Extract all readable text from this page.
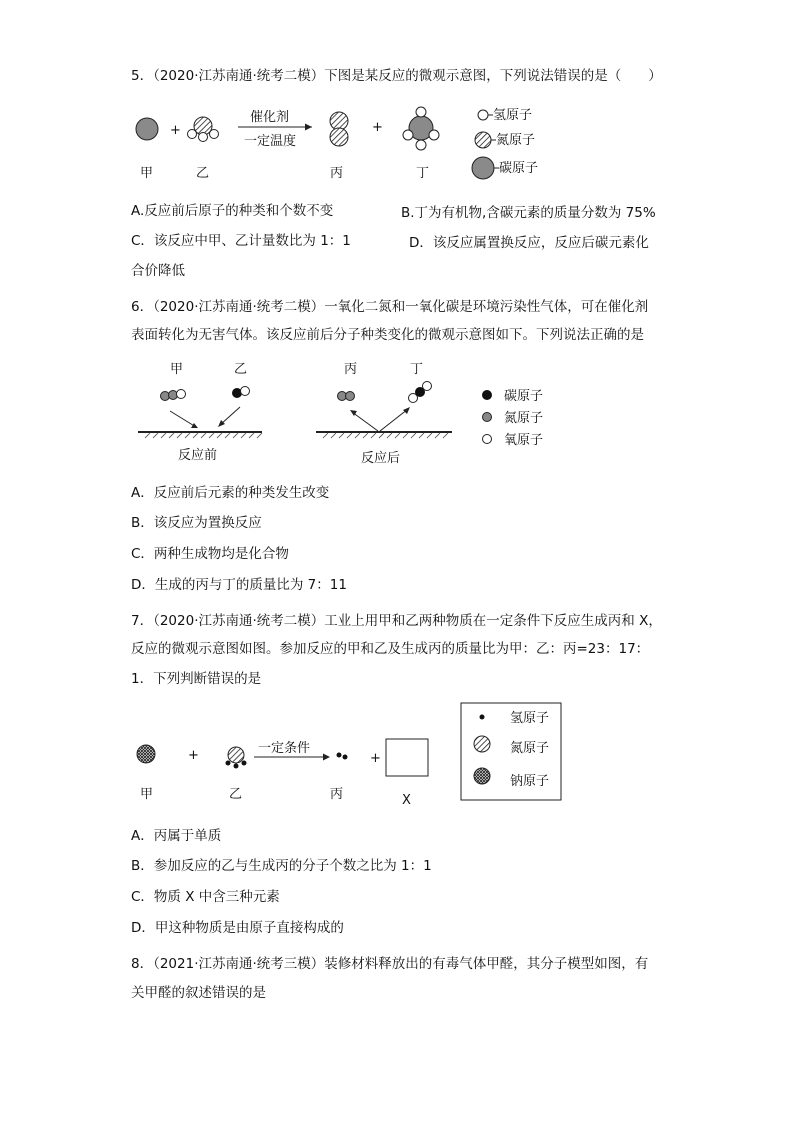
5．（2020·江苏南通·统考二模）下图是某反应的微观示意图，下列说法错误的是（　　）
+
催化剂
一定温度
+
甲	乙	丙	丁
氢原子
氮原子
碳原子
A.反应前后原子的种类和个数不变	B.丁为有机物,含碳元素的质量分数为 75%
C．该反应中甲、乙计量数比为 1：1	D．该反应属置换反应，反应后碳元素化
合价降低
6．（2020·江苏南通·统考二模）一氧化二氮和一氧化碳是环境污染性气体，可在催化剂
表面转化为无害气体。该反应前后分子种类变化的微观示意图如下。下列说法正确的是
甲	乙	丙	丁
反应前	反应后
碳原子
氮原子
氧原子
A．反应前后元素的种类发生改变
B．该反应为置换反应
C．两种生成物均是化合物
D．生成的丙与丁的质量比为 7：11
7．（2020·江苏南通·统考二模）工业上用甲和乙两种物质在一定条件下反应生成丙和 X，
反应的微观示意图如图。参加反应的甲和乙及生成丙的质量比为甲：乙：丙=23：17：
1．下列判断错误的是
+	一定条件
+
甲	乙	丙	X
氢原子
氮原子
钠原子
A．丙属于单质
B．参加反应的乙与生成丙的分子个数之比为 1：1
C．物质 X 中含三种元素
D．甲这种物质是由原子直接构成的
8．（2021·江苏南通·统考三模）装修材料释放出的有毒气体甲醛，其分子模型如图，有
关甲醛的叙述错误的是
